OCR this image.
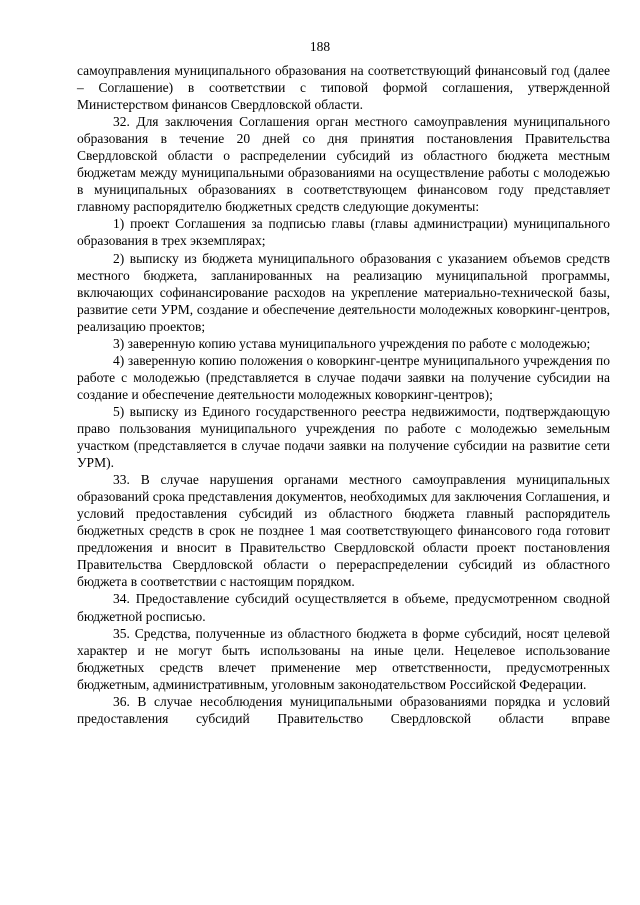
188

самоуправления муниципального образования на соответствующий финансовый год (далее – Соглашение) в соответствии с типовой формой соглашения, утвержденной Министерством финансов Свердловской области.

32. Для заключения Соглашения орган местного самоуправления муниципального образования в течение 20 дней со дня принятия постановления Правительства Свердловской области о распределении субсидий из областного бюджета местным бюджетам между муниципальными образованиями на осуществление работы с молодежью в муниципальных образованиях в соответствующем финансовом году представляет главному распорядителю бюджетных средств следующие документы:

1) проект Соглашения за подписью главы (главы администрации) муниципального образования в трех экземплярах;

2) выписку из бюджета муниципального образования с указанием объемов средств местного бюджета, запланированных на реализацию муниципальной программы, включающих софинансирование расходов на укрепление материально-технической базы, развитие сети УРМ, создание и обеспечение деятельности молодежных коворкинг-центров, реализацию проектов;

3) заверенную копию устава муниципального учреждения по работе с молодежью;

4) заверенную копию положения о коворкинг-центре муниципального учреждения по работе с молодежью (представляется в случае подачи заявки на получение субсидии на создание и обеспечение деятельности молодежных коворкинг-центров);

5) выписку из Единого государственного реестра недвижимости, подтверждающую право пользования муниципального учреждения по работе с молодежью земельным участком (представляется в случае подачи заявки на получение субсидии на развитие сети УРМ).

33. В случае нарушения органами местного самоуправления муниципальных образований срока представления документов, необходимых для заключения Соглашения, и условий предоставления субсидий из областного бюджета главный распорядитель бюджетных средств в срок не позднее 1 мая соответствующего финансового года готовит предложения и вносит в Правительство Свердловской области проект постановления Правительства Свердловской области о перераспределении субсидий из областного бюджета в соответствии с настоящим порядком.

34. Предоставление субсидий осуществляется в объеме, предусмотренном сводной бюджетной росписью.

35. Средства, полученные из областного бюджета в форме субсидий, носят целевой характер и не могут быть использованы на иные цели. Нецелевое использование бюджетных средств влечет применение мер ответственности, предусмотренных бюджетным, административным, уголовным законодательством Российской Федерации.

36. В случае несоблюдения муниципальными образованиями порядка и условий предоставления субсидий Правительство Свердловской области вправе
